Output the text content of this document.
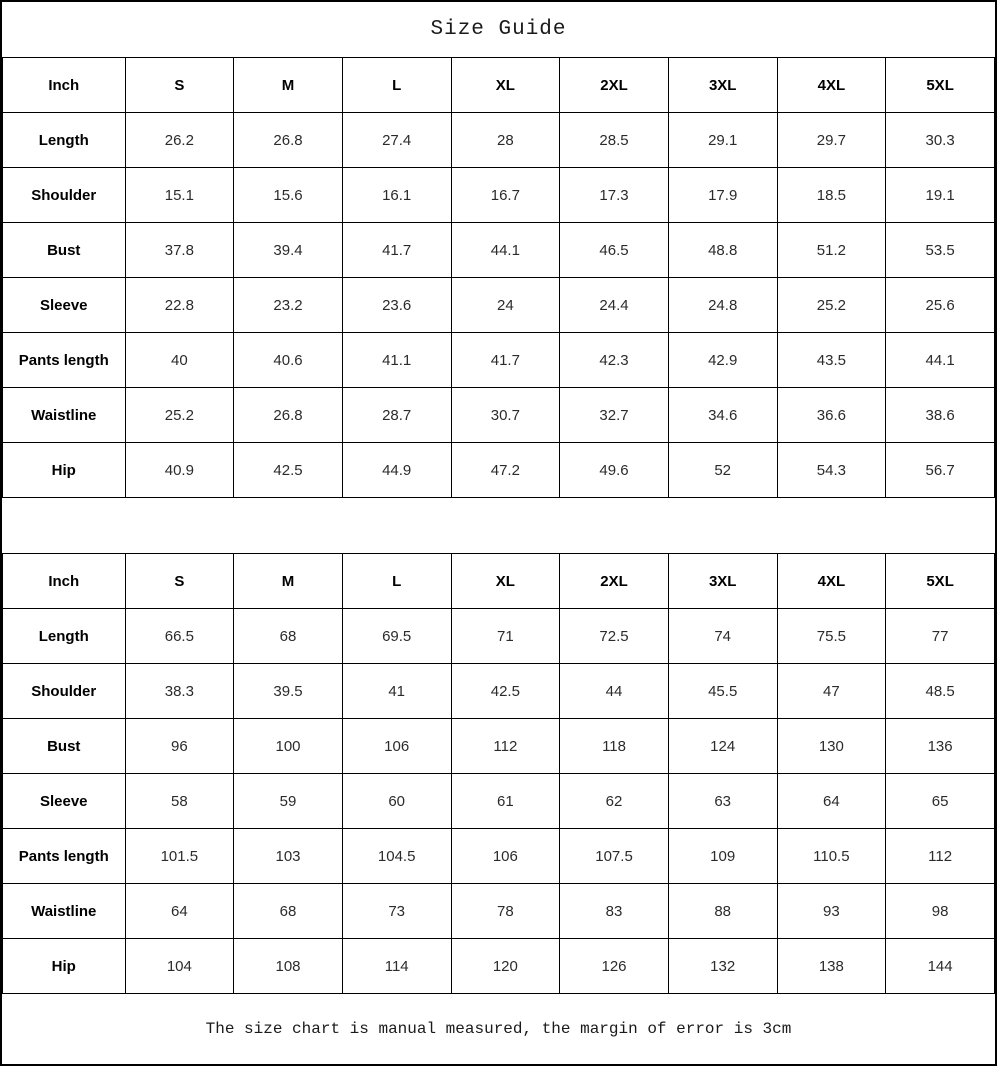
Size Guide
Inch	S	M	L	XL	2XL	3XL	4XL	5XL
Length	26.2	26.8	27.4	28	28.5	29.1	29.7	30.3
Shoulder	15.1	15.6	16.1	16.7	17.3	17.9	18.5	19.1
Bust	37.8	39.4	41.7	44.1	46.5	48.8	51.2	53.5
Sleeve	22.8	23.2	23.6	24	24.4	24.8	25.2	25.6
Pants length	40	40.6	41.1	41.7	42.3	42.9	43.5	44.1
Waistline	25.2	26.8	28.7	30.7	32.7	34.6	36.6	38.6
Hip	40.9	42.5	44.9	47.2	49.6	52	54.3	56.7
Inch	S	M	L	XL	2XL	3XL	4XL	5XL
Length	66.5	68	69.5	71	72.5	74	75.5	77
Shoulder	38.3	39.5	41	42.5	44	45.5	47	48.5
Bust	96	100	106	112	118	124	130	136
Sleeve	58	59	60	61	62	63	64	65
Pants length	101.5	103	104.5	106	107.5	109	110.5	112
Waistline	64	68	73	78	83	88	93	98
Hip	104	108	114	120	126	132	138	144
The size chart is manual measured, the margin of error is 3cm
